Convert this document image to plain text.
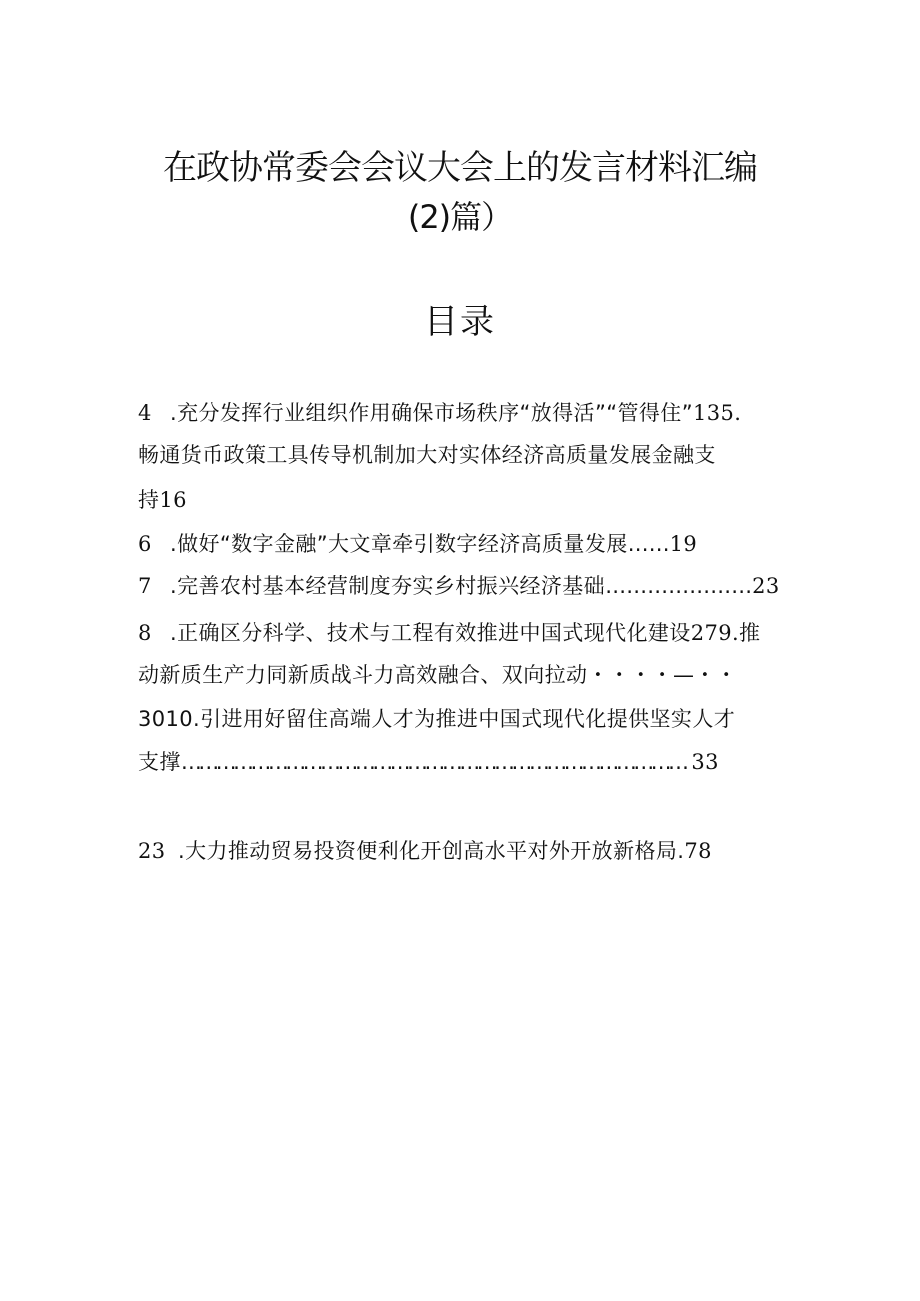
在政协常委会会议大会上的发言材料汇编
(2)篇）
目录
4 .充分发挥行业组织作用确保市场秩序“放得活”“管得住”135.
畅通货币政策工具传导机制加大对实体经济高质量发展金融支
持16
6 .做好“数字金融”大文章牵引数字经济高质量发展……19
7 .完善农村基本经营制度夯实乡村振兴经济基础…………………23
8 .正确区分科学、技术与工程有效推进中国式现代化建设279.推
动新质生产力同新质战斗力高效融合、双向拉动・・・・—・・
3010.引进用好留住高端人才为推进中国式现代化提供坚实人才
支撑…………………………………………………………………………… 33
23 .大力推动贸易投资便利化开创高水平对外开放新格局.78
